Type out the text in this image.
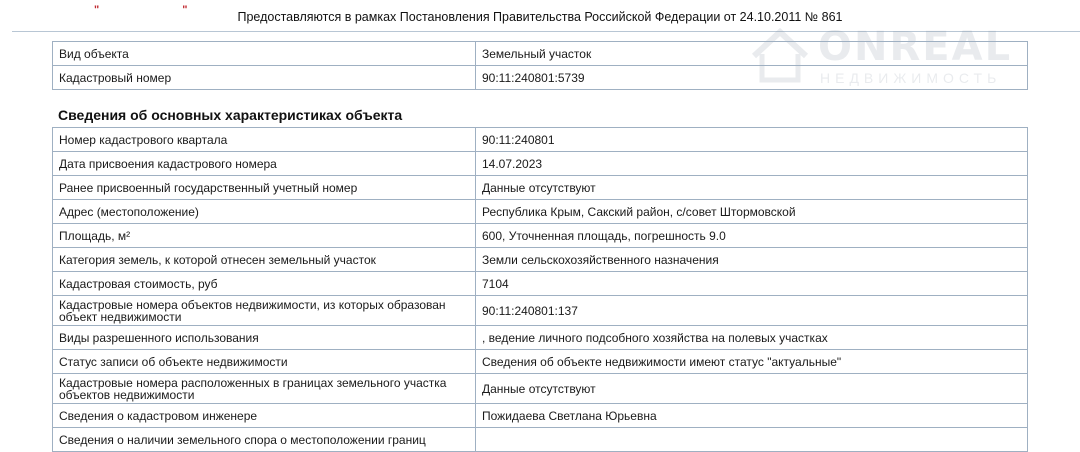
" " Предоставляются в рамках Постановления Правительства Российской Федерации от 24.10.2011 № 861
ONREAL
НЕДВИЖИМОСТЬ
Вид объекта	Земельный участок
Кадастровый номер	90:11:240801:5739
Сведения об основных характеристиках объекта
Номер кадастрового квартала	90:11:240801
Дата присвоения кадастрового номера	14.07.2023
Ранее присвоенный государственный учетный номер	Данные отсутствуют
Адрес (местоположение)	Республика Крым, Сакский район, с/совет Штормовской
Площадь, м²	600, Уточненная площадь, погрешность 9.0
Категория земель, к которой отнесен земельный участок	Земли сельскохозяйственного назначения
Кадастровая стоимость, руб	7104
Кадастровые номера объектов недвижимости, из которых образован объект недвижимости	90:11:240801:137
Виды разрешенного использования	, ведение личного подсобного хозяйства на полевых участках
Статус записи об объекте недвижимости	Сведения об объекте недвижимости имеют статус "актуальные"
Кадастровые номера расположенных в границах земельного участка объектов недвижимости	Данные отсутствуют
Сведения о кадастровом инженере	Пожидаева Светлана Юрьевна
Сведения о наличии земельного спора о местоположении границ	
